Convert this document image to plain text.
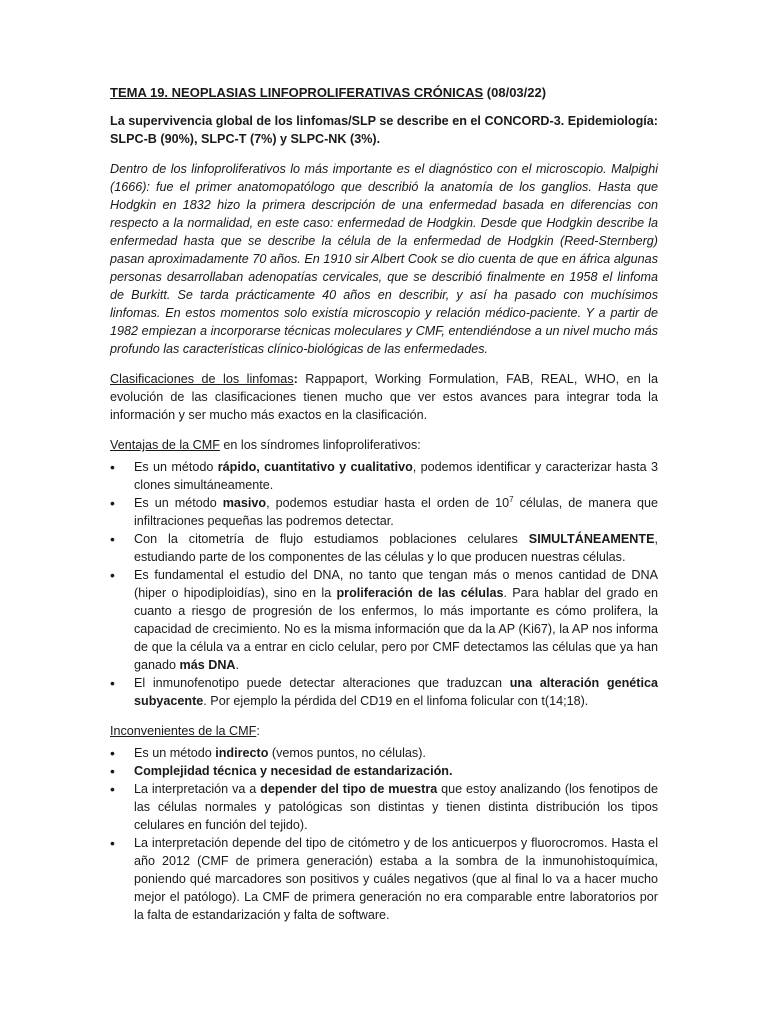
TEMA 19. NEOPLASIAS LINFOPROLIFERATIVAS CRÓNICAS (08/03/22)

La supervivencia global de los linfomas/SLP se describe en el CONCORD-3. Epidemiología: SLPC-B (90%), SLPC-T (7%) y SLPC-NK (3%).

Dentro de los linfoproliferativos lo más importante es el diagnóstico con el microscopio. Malpighi (1666): fue el primer anatomopatólogo que describió la anatomía de los ganglios. Hasta que Hodgkin en 1832 hizo la primera descripción de una enfermedad basada en diferencias con respecto a la normalidad, en este caso: enfermedad de Hodgkin. Desde que Hodgkin describe la enfermedad hasta que se describe la célula de la enfermedad de Hodgkin (Reed-Sternberg) pasan aproximadamente 70 años. En 1910 sir Albert Cook se dio cuenta de que en áfrica algunas personas desarrollaban adenopatías cervicales, que se describió finalmente en 1958 el linfoma de Burkitt. Se tarda prácticamente 40 años en describir, y así ha pasado con muchísimos linfomas. En estos momentos solo existía microscopio y relación médico-paciente. Y a partir de 1982 empiezan a incorporarse técnicas moleculares y CMF, entendiéndose a un nivel mucho más profundo las características clínico-biológicas de las enfermedades.

Clasificaciones de los linfomas: Rappaport, Working Formulation, FAB, REAL, WHO, en la evolución de las clasificaciones tienen mucho que ver estos avances para integrar toda la información y ser mucho más exactos en la clasificación.

Ventajas de la CMF en los síndromes linfoproliferativos:

• Es un método rápido, cuantitativo y cualitativo, podemos identificar y caracterizar hasta 3 clones simultáneamente.
• Es un método masivo, podemos estudiar hasta el orden de $10^7$ células, de manera que infiltraciones pequeñas las podremos detectar.
• Con la citometría de flujo estudiamos poblaciones celulares SIMULTÁNEAMENTE, estudiando parte de los componentes de las células y lo que producen nuestras células.
• Es fundamental el estudio del DNA, no tanto que tengan más o menos cantidad de DNA (hiper o hipodiploidías), sino en la proliferación de las células. Para hablar del grado en cuanto a riesgo de progresión de los enfermos, lo más importante es cómo prolifera, la capacidad de crecimiento. No es la misma información que da la AP (Ki67), la AP nos informa de que la célula va a entrar en ciclo celular, pero por CMF detectamos las células que ya han ganado más DNA.
• El inmunofenotipo puede detectar alteraciones que traduzcan una alteración genética subyacente. Por ejemplo la pérdida del CD19 en el linfoma folicular con t(14;18).

Inconvenientes de la CMF:

• Es un método indirecto (vemos puntos, no células).
• Complejidad técnica y necesidad de estandarización.
• La interpretación va a depender del tipo de muestra que estoy analizando (los fenotipos de las células normales y patológicas son distintas y tienen distinta distribución los tipos celulares en función del tejido).
• La interpretación depende del tipo de citómetro y de los anticuerpos y fluorocromos. Hasta el año 2012 (CMF de primera generación) estaba a la sombra de la inmunohistoquímica, poniendo qué marcadores son positivos y cuáles negativos (que al final lo va a hacer mucho mejor el patólogo). La CMF de primera generación no era comparable entre laboratorios por la falta de estandarización y falta de software.
